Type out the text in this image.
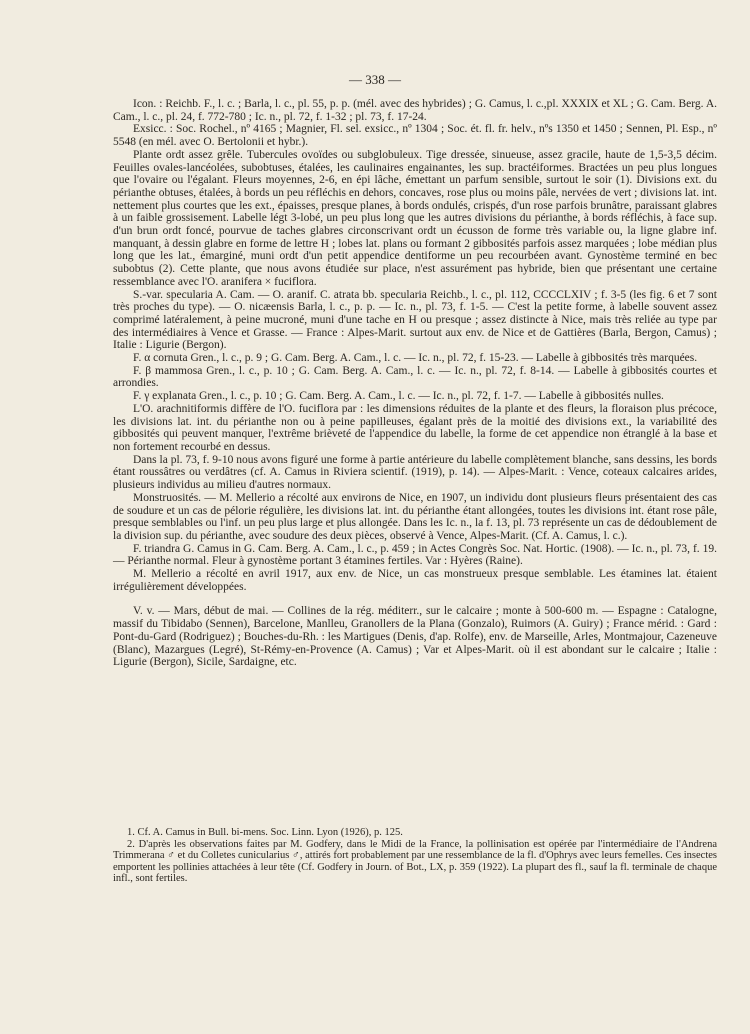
— 338 —

Icon. : Reichb. F., l. c. ; Barla, l. c., pl. 55, p. p. (mél. avec des hybrides) ; G. Camus, l. c.,pl. XXXIX et XL ; G. Cam. Berg. A. Cam., l. c., pl. 24, f. 772-780 ; Ic. n., pl. 72, f. 1-32 ; pl. 73, f. 17-24.

Exsicc. : Soc. Rochel., nº 4165 ; Magnier, Fl. sel. exsicc., nº 1304 ; Soc. ét. fl. fr. helv., nºs 1350 et 1450 ; Sennen, Pl. Esp., nº 5548 (en mél. avec O. Bertolonii et hybr.).

Plante ordt assez grêle. Tubercules ovoïdes ou subglobuleux. Tige dressée, sinueuse, assez gracile, haute de 1,5-3,5 décim. Feuilles ovales-lancéolées, subobtuses, étalées, les caulinaires engainantes, les sup. bractéiformes. Bractées un peu plus longues que l'ovaire ou l'égalant. Fleurs moyennes, 2-6, en épi lâche, émettant un parfum sensible, surtout le soir (1). Divisions ext. du périanthe obtuses, étalées, à bords un peu réfléchis en dehors, concaves, rose plus ou moins pâle, nervées de vert ; divisions lat. int. nettement plus courtes que les ext., épaisses, presque planes, à bords ondulés, crispés, d'un rose parfois brunâtre, paraissant glabres à un faible grossisement. Labelle légt 3-lobé, un peu plus long que les autres divisions du périanthe, à bords réfléchis, à face sup. d'un brun ordt foncé, pourvue de taches glabres circonscrivant ordt un écusson de forme très variable ou, la ligne glabre inf. manquant, à dessin glabre en forme de lettre H ; lobes lat. plans ou formant 2 gibbosités parfois assez marquées ; lobe médian plus long que les lat., émarginé, muni ordt d'un petit appendice dentiforme un peu recourbéen avant. Gynostème terminé en bec subobtus (2). Cette plante, que nous avons étudiée sur place, n'est assurément pas hybride, bien que présentant une certaine ressemblance avec l'O. aranifera × fuciflora.

S.-var. specularia A. Cam. — O. aranif. C. atrata bb. specularia Reichb., l. c., pl. 112, CCCCLXIV ; f. 3-5 (les fig. 6 et 7 sont très proches du type). — O. nicæensis Barla, l. c., p. p. — Ic. n., pl. 73, f. 1-5. — C'est la petite forme, à labelle souvent assez comprimé latéralement, à peine mucroné, muni d'une tache en H ou presque ; assez distincte à Nice, mais très reliée au type par des intermédiaires à Vence et Grasse. — France : Alpes-Marit. surtout aux env. de Nice et de Gattières (Barla, Bergon, Camus) ; Italie : Ligurie (Bergon).

F. α cornuta Gren., l. c., p. 9 ; G. Cam. Berg. A. Cam., l. c. — Ic. n., pl. 72, f. 15-23. — Labelle à gibbosités très marquées.

F. β mammosa Gren., l. c., p. 10 ; G. Cam. Berg. A. Cam., l. c. — Ic. n., pl. 72, f. 8-14. — Labelle à gibbosités courtes et arrondies.

F. γ explanata Gren., l. c., p. 10 ; G. Cam. Berg. A. Cam., l. c. — Ic. n., pl. 72, f. 1-7. — Labelle à gibbosités nulles.

L'O. arachnitiformis diffère de l'O. fuciflora par : les dimensions réduites de la plante et des fleurs, la floraison plus précoce, les divisions lat. int. du périanthe non ou à peine papilleuses, égalant près de la moitié des divisions ext., la variabilité des gibbosités qui peuvent manquer, l'extrême brièveté de l'appendice du labelle, la forme de cet appendice non étranglé à la base et non fortement recourbé en dessus.

Dans la pl. 73, f. 9-10 nous avons figuré une forme à partie antérieure du labelle complètement blanche, sans dessins, les bords étant roussâtres ou verdâtres (cf. A. Camus in Riviera scientif. (1919), p. 14). — Alpes-Marit. : Vence, coteaux calcaires arides, plusieurs individus au milieu d'autres normaux.

Monstruosités. — M. Mellerio a récolté aux environs de Nice, en 1907, un individu dont plusieurs fleurs présentaient des cas de soudure et un cas de pélorie régulière, les divisions lat. int. du périanthe étant allongées, toutes les divisions int. étant rose pâle, presque semblables ou l'inf. un peu plus large et plus allongée. Dans les Ic. n., la f. 13, pl. 73 représente un cas de dédoublement de la division sup. du périanthe, avec soudure des deux pièces, observé à Vence, Alpes-Marit. (Cf. A. Camus, l. c.).

F. triandra G. Camus in G. Cam. Berg. A. Cam., l. c., p. 459 ; in Actes Congrès Soc. Nat. Hortic. (1908). — Ic. n., pl. 73, f. 19. — Périanthe normal. Fleur à gynostème portant 3 étamines fertiles. Var : Hyères (Raine).

M. Mellerio a récolté en avril 1917, aux env. de Nice, un cas monstrueux presque semblable. Les étamines lat. étaient irrégulièrement développées.

V. v. — Mars, début de mai. — Collines de la rég. méditerr., sur le calcaire ; monte à 500-600 m. — Espagne : Catalogne, massif du Tibidabo (Sennen), Barcelone, Manlleu, Granollers de la Plana (Gonzalo), Ruimors (A. Guiry) ; France mérid. : Gard : Pont-du-Gard (Rodriguez) ; Bouches-du-Rh. : les Martigues (Denis, d'ap. Rolfe), env. de Marseille, Arles, Montmajour, Cazeneuve (Blanc), Mazargues (Legré), St-Rémy-en-Provence (A. Camus) ; Var et Alpes-Marit. où il est abondant sur le calcaire ; Italie : Ligurie (Bergon), Sicile, Sardaigne, etc.

1. Cf. A. Camus in Bull. bi-mens. Soc. Linn. Lyon (1926), p. 125.

2. D'après les observations faites par M. Godfery, dans le Midi de la France, la pollinisation est opérée par l'intermédiaire de l'Andrena Trimmerana ♂ et du Colletes cunicularius ♂, attirés fort probablement par une ressemblance de la fl. d'Ophrys avec leurs femelles. Ces insectes emportent les pollinies attachées à leur tête (Cf. Godfery in Journ. of Bot., LX, p. 359 (1922). La plupart des fl., sauf la fl. terminale de chaque infl., sont fertiles.
